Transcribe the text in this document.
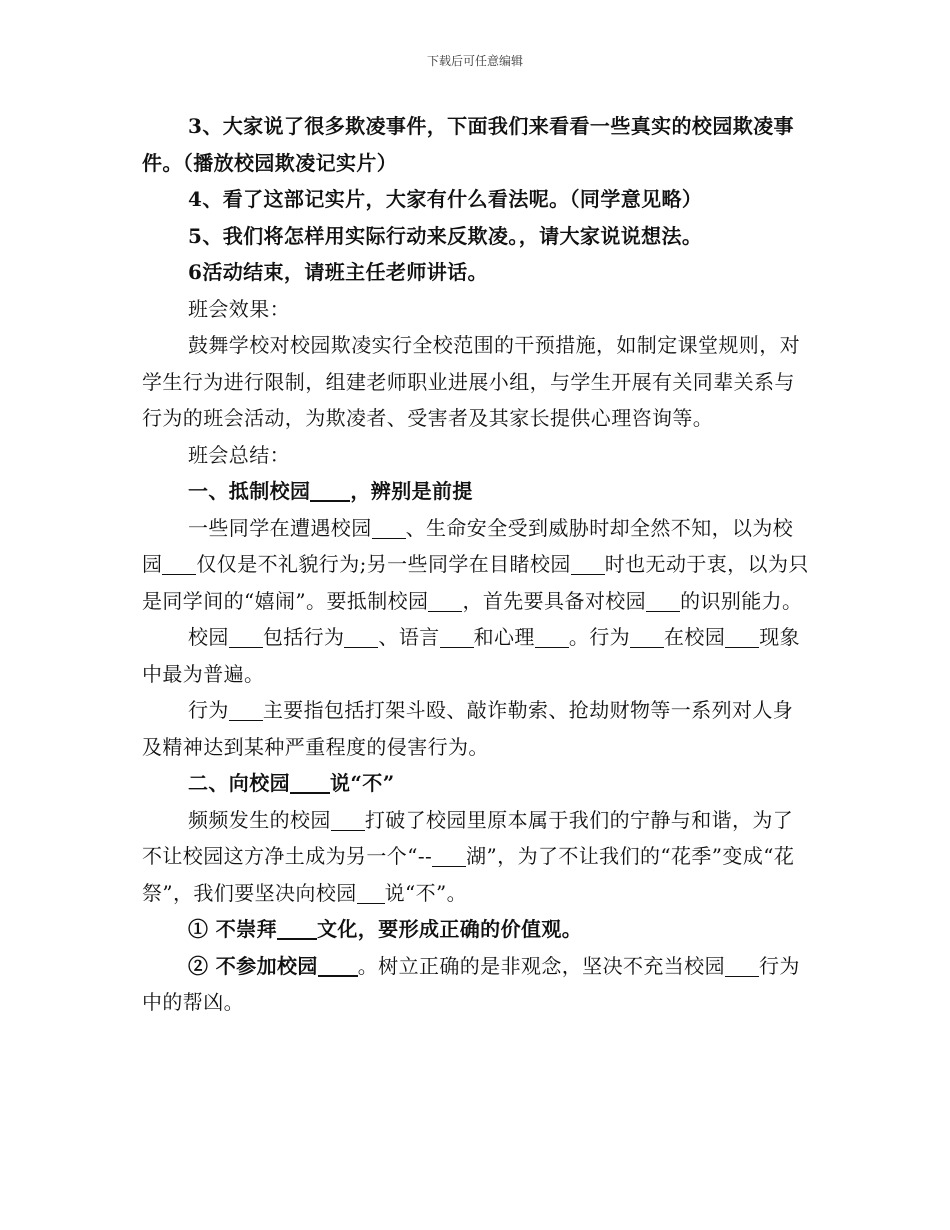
下载后可任意编辑

3、大家说了很多欺凌事件，下面我们来看看一些真实的校园欺凌事件。（播放校园欺凌记实片）

4、看了这部记实片，大家有什么看法呢。（同学意见略）

5、我们将怎样用实际行动来反欺凌。，请大家说说想法。

6活动结束，请班主任老师讲话。

班会效果：

鼓舞学校对校园欺凌实行全校范围的干预措施，如制定课堂规则，对学生行为进行限制，组建老师职业进展小组，与学生开展有关同辈关系与行为的班会活动，为欺凌者、受害者及其家长提供心理咨询等。

班会总结：

一、抵制校园 ，辨别是前提

一些同学在遭遇校园 、生命安全受到威胁时却全然不知，以为校园 仅仅是不礼貌行为;另一些同学在目睹校园 时也无动于衷，以为只是同学间的“嬉闹”。要抵制校园 ，首先要具备对校园 的识别能力。

校园 包括行为 、语言 和心理 。行为 在校园 现象中最为普遍。

行为 主要指包括打架斗殴、敲诈勒索、抢劫财物等一系列对人身及精神达到某种严重程度的侵害行为。

二、向校园 说“不”

频频发生的校园 打破了校园里原本属于我们的宁静与和谐，为了不让校园这方净土成为另一个“-- 湖”，为了不让我们的“花季”变成“花祭”，我们要坚决向校园 说“不”。

① 不崇拜 文化，要形成正确的价值观。

② 不参加校园 。树立正确的是非观念，坚决不充当校园 行为中的帮凶。
